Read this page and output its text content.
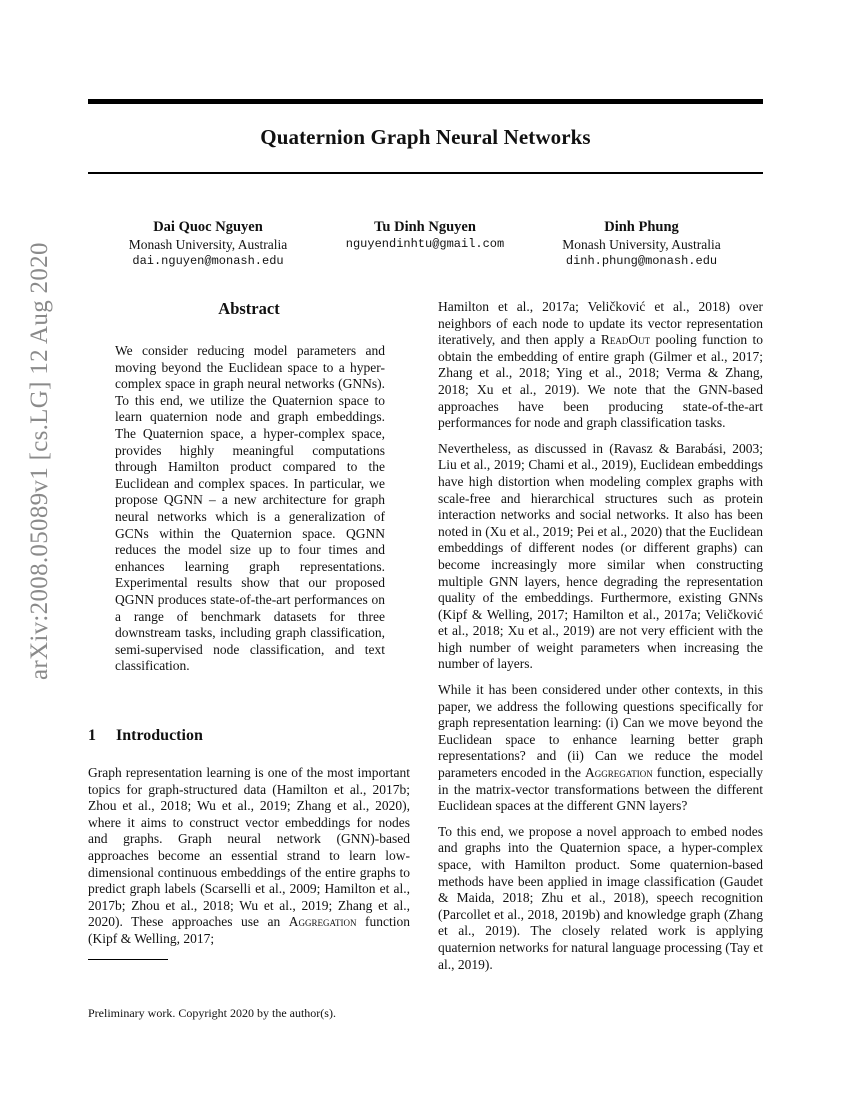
Quaternion Graph Neural Networks
Dai Quoc Nguyen
Monash University, Australia
dai.nguyen@monash.edu
Tu Dinh Nguyen
nguyendinhtu@gmail.com
Dinh Phung
Monash University, Australia
dinh.phung@monash.edu
arXiv:2008.05089v1 [cs.LG] 12 Aug 2020	Abstract

We consider reducing model parameters and moving beyond the Euclidean space to a hyper-complex space in graph neural networks (GNNs). To this end, we utilize the Quaternion space to learn quaternion node and graph embeddings. The Quaternion space, a hyper-complex space, provides highly meaningful computations through Hamilton product compared to the Euclidean and complex spaces. In particular, we propose QGNN – a new architecture for graph neural networks which is a generalization of GCNs within the Quaternion space. QGNN reduces the model size up to four times and enhances learning graph representations. Experimental results show that our proposed QGNN produces state-of-the-art performances on a range of benchmark datasets for three downstream tasks, including graph classification, semi-supervised node classification, and text classification.

1 Introduction

Graph representation learning is one of the most important topics for graph-structured data (Hamilton et al., 2017b; Zhou et al., 2018; Wu et al., 2019; Zhang et al., 2020), where it aims to construct vector embeddings for nodes and graphs. Graph neural network (GNN)-based approaches become an essential strand to learn low-dimensional continuous embeddings of the entire graphs to predict graph labels (Scarselli et al., 2009; Hamilton et al., 2017b; Zhou et al., 2018; Wu et al., 2019; Zhang et al., 2020). These approaches use an Aggregation function (Kipf & Welling, 2017;

Preliminary work. Copyright 2020 by the author(s).

Hamilton et al., 2017a; Veličković et al., 2018) over neighbors of each node to update its vector representation iteratively, and then apply a ReadOut pooling function to obtain the embedding of entire graph (Gilmer et al., 2017; Zhang et al., 2018; Ying et al., 2018; Verma & Zhang, 2018; Xu et al., 2019). We note that the GNN-based approaches have been producing state-of-the-art performances for node and graph classification tasks.

Nevertheless, as discussed in (Ravasz & Barabási, 2003; Liu et al., 2019; Chami et al., 2019), Euclidean embeddings have high distortion when modeling complex graphs with scale-free and hierarchical structures such as protein interaction networks and social networks. It also has been noted in (Xu et al., 2019; Pei et al., 2020) that the Euclidean embeddings of different nodes (or different graphs) can become increasingly more similar when constructing multiple GNN layers, hence degrading the representation quality of the embeddings. Furthermore, existing GNNs (Kipf & Welling, 2017; Hamilton et al., 2017a; Veličković et al., 2018; Xu et al., 2019) are not very efficient with the high number of weight parameters when increasing the number of layers.

While it has been considered under other contexts, in this paper, we address the following questions specifically for graph representation learning: (i) Can we move beyond the Euclidean space to enhance learning better graph representations? and (ii) Can we reduce the model parameters encoded in the Aggregation function, especially in the matrix-vector transformations between the different Euclidean spaces at the different GNN layers?

To this end, we propose a novel approach to embed nodes and graphs into the Quaternion space, a hyper-complex space, with Hamilton product. Some quaternion-based methods have been applied in image classification (Gaudet & Maida, 2018; Zhu et al., 2018), speech recognition (Parcollet et al., 2018, 2019b) and knowledge graph (Zhang et al., 2019). The closely related work is applying quaternion networks for natural language processing (Tay et al., 2019).
